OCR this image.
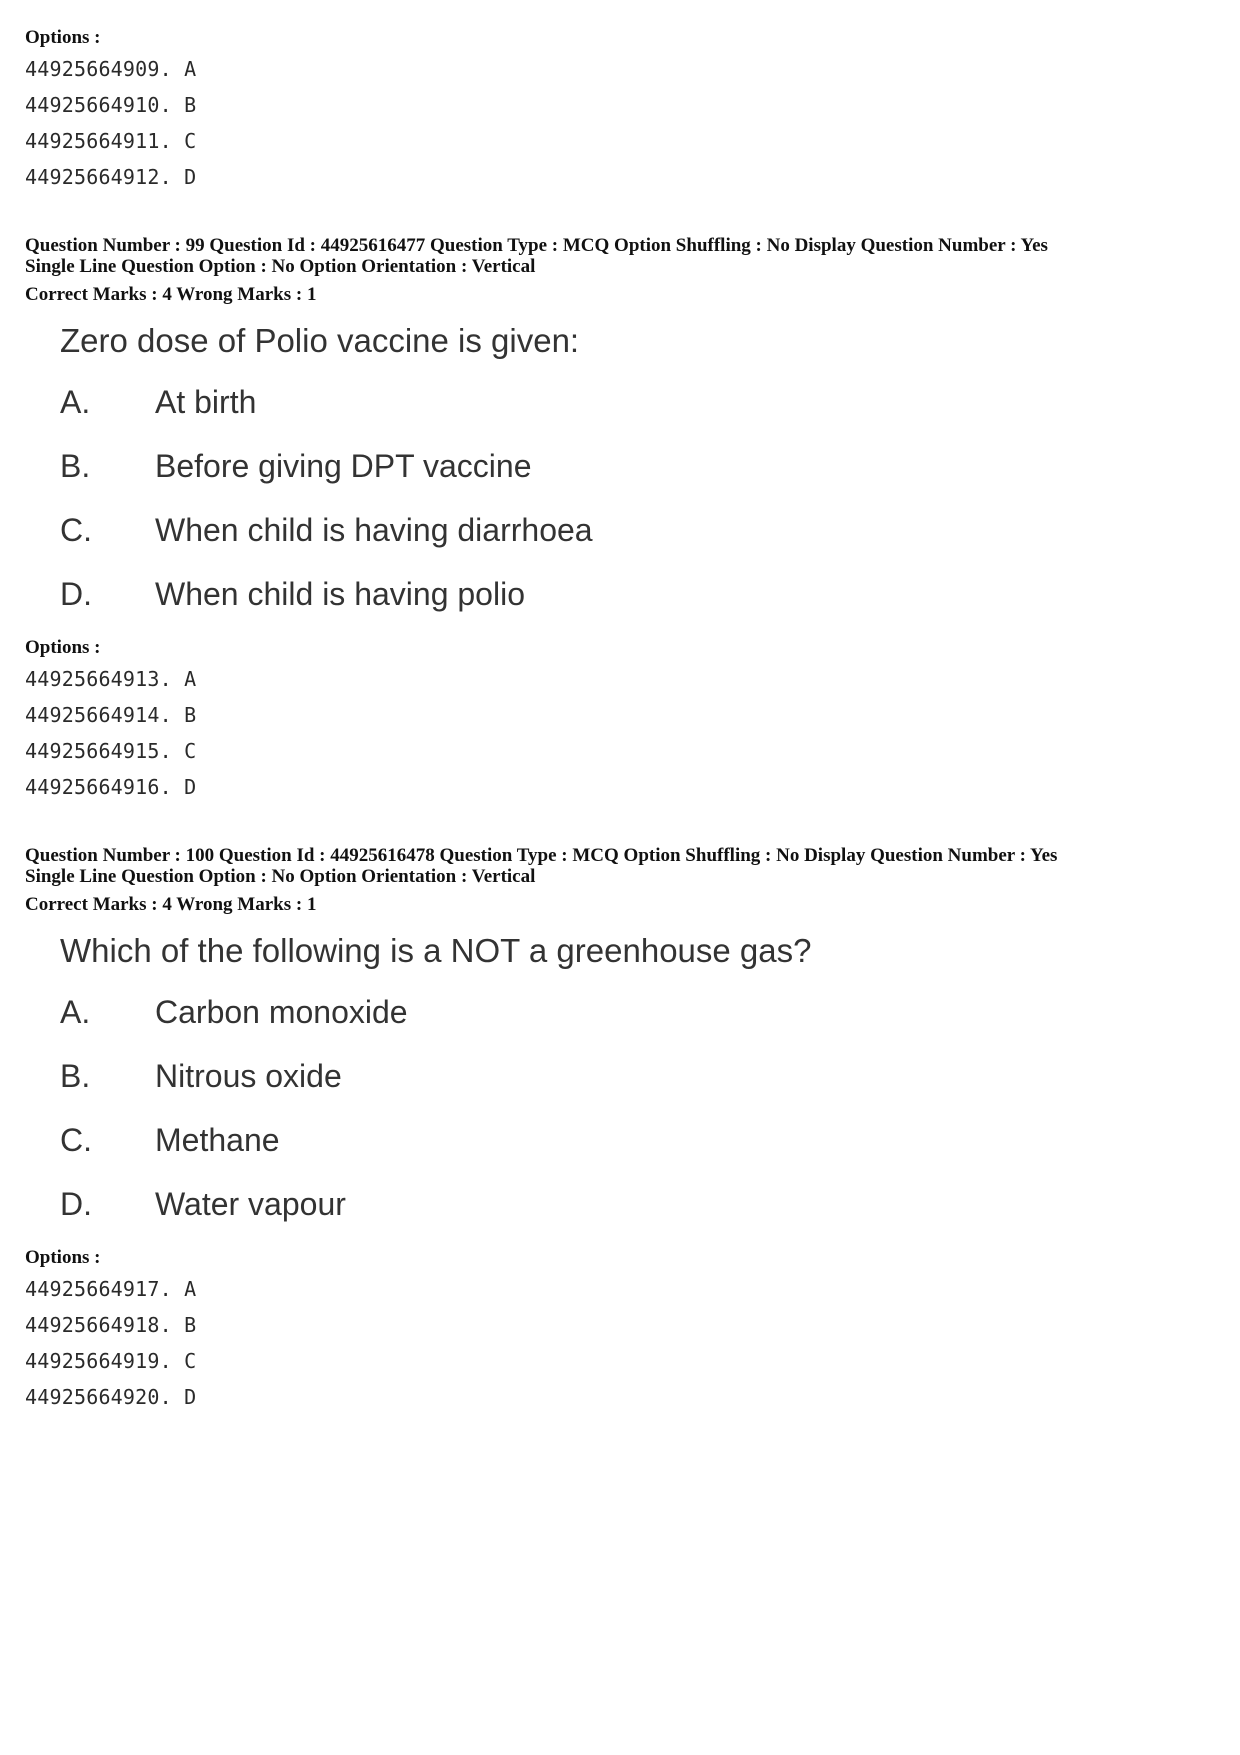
Options :
44925664909. A
44925664910. B
44925664911. C
44925664912. D
Question Number : 99 Question Id : 44925616477 Question Type : MCQ Option Shuffling : No Display Question Number : Yes
Single Line Question Option : No Option Orientation : Vertical
Correct Marks : 4 Wrong Marks : 1
Zero dose of Polio vaccine is given:
A. At birth
B. Before giving DPT vaccine
C. When child is having diarrhoea
D. When child is having polio
Options :
44925664913. A
44925664914. B
44925664915. C
44925664916. D
Question Number : 100 Question Id : 44925616478 Question Type : MCQ Option Shuffling : No Display Question Number : Yes
Single Line Question Option : No Option Orientation : Vertical
Correct Marks : 4 Wrong Marks : 1
Which of the following is a NOT a greenhouse gas?
A. Carbon monoxide
B. Nitrous oxide
C. Methane
D. Water vapour
Options :
44925664917. A
44925664918. B
44925664919. C
44925664920. D
